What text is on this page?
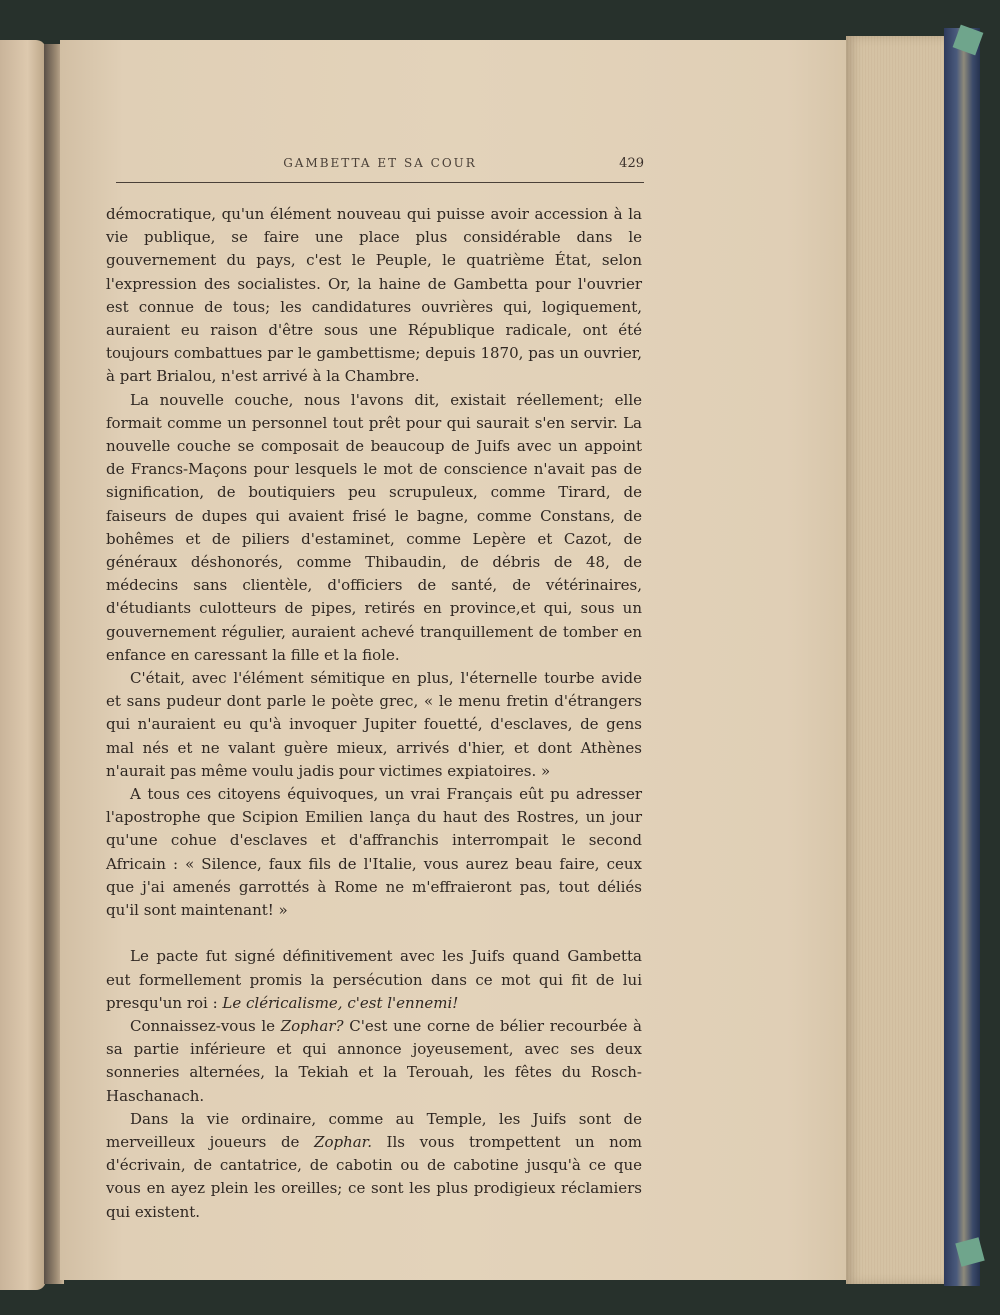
GAMBETTA ET SA COUR	429

démocratique, qu'un élément nouveau qui puisse avoir accession à la vie publique, se faire une place plus considérable dans le gouvernement du pays, c'est le Peuple, le quatrième État, selon l'expression des socialistes. Or, la haine de Gambetta pour l'ouvrier est connue de tous; les candidatures ouvrières qui, logiquement, auraient eu raison d'être sous une République radicale, ont été toujours combattues par le gambettisme; depuis 1870, pas un ouvrier, à part Brialou, n'est arrivé à la Chambre.

La nouvelle couche, nous l'avons dit, existait réellement; elle formait comme un personnel tout prêt pour qui saurait s'en servir. La nouvelle couche se composait de beaucoup de Juifs avec un appoint de Francs-Maçons pour lesquels le mot de conscience n'avait pas de signification, de boutiquiers peu scrupuleux, comme Tirard, de faiseurs de dupes qui avaient frisé le bagne, comme Constans, de bohêmes et de piliers d'estaminet, comme Lepère et Cazot, de généraux déshonorés, comme Thibaudin, de débris de 48, de médecins sans clientèle, d'officiers de santé, de vétérinaires, d'étudiants culotteurs de pipes, retirés en province,et qui, sous un gouvernement régulier, auraient achevé tranquillement de tomber en enfance en caressant la fille et la fiole.

C'était, avec l'élément sémitique en plus, l'éternelle tourbe avide et sans pudeur dont parle le poète grec, « le menu fretin d'étrangers qui n'auraient eu qu'à invoquer Jupiter fouetté, d'esclaves, de gens mal nés et ne valant guère mieux, arrivés d'hier, et dont Athènes n'aurait pas même voulu jadis pour victimes expiatoires. »

A tous ces citoyens équivoques, un vrai Français eût pu adresser l'apostrophe que Scipion Emilien lança du haut des Rostres, un jour qu'une cohue d'esclaves et d'affranchis interrompait le second Africain : « Silence, faux fils de l'Italie, vous aurez beau faire, ceux que j'ai amenés garrottés à Rome ne m'effraieront pas, tout déliés qu'il sont maintenant! »

Le pacte fut signé définitivement avec les Juifs quand Gambetta eut formellement promis la persécution dans ce mot qui fit de lui presqu'un roi : Le cléricalisme, c'est l'ennemi!

Connaissez-vous le Zophar? C'est une corne de bélier recourbée à sa partie inférieure et qui annonce joyeusement, avec ses deux sonneries alternées, la Tekiah et la Terouah, les fêtes du Rosch-Haschanach.

Dans la vie ordinaire, comme au Temple, les Juifs sont de merveilleux joueurs de Zophar. Ils vous trompettent un nom d'écrivain, de cantatrice, de cabotin ou de cabotine jusqu'à ce que vous en ayez plein les oreilles; ce sont les plus prodigieux réclamiers qui existent.
